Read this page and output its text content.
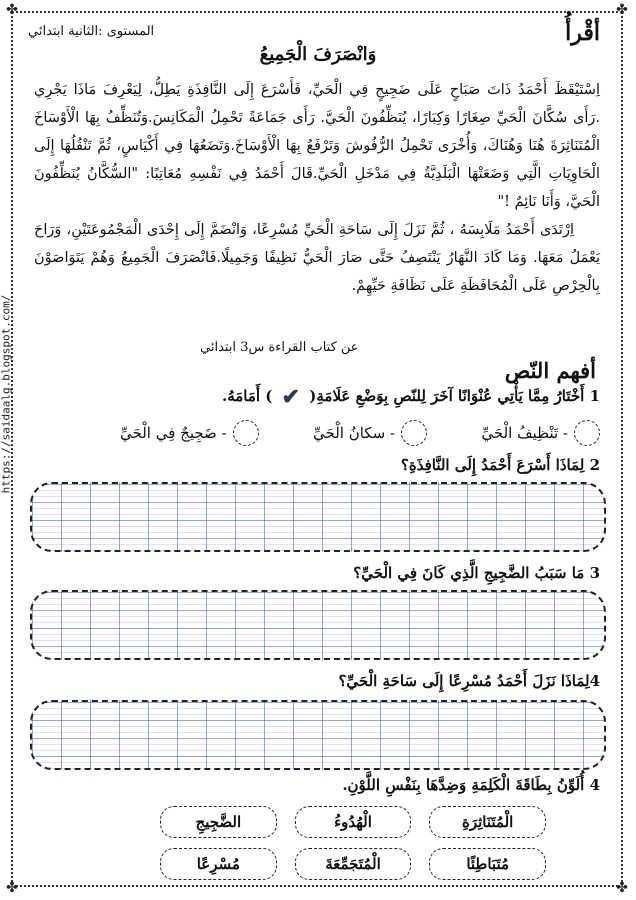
✤	✤
✤	✤
https://saidaalg.blogspot.com/
أقْرأُ
المستوى :الثانية ابتدائي
وَانْصَرَفَ الْجَمِيعُ

اِسْتَيْقَظَ أَحْمَدُ ذَاتَ صَبَاحٍ عَلَى ضَجِيجٍ فِي الْحَيِّ، فَأَسْرَعَ إِلَى النَّافِذَةِ يَطِلُّ، لِيَعْرِفَ مَاذَا يَجْرِي .رَأَى سُكَّانَ الْحَيِّ صِغَارًا وَكِبَارًا، يُنَظِّفُونَ الْحَيَّ. رَأَى جَمَاعَةً تَحْمِلُ الْمَكَانِسَ.وَتُنَظِّفُ بِهَا الْأَوْسَاخَ الْمُتَنَاثِرَةَ هُنَا وَهُنَاكَ، وَأُخْرَى تَحْمِلُ الرُّفُوشَ وَتَرْفَعُ بِهَا الْأَوْسَاخَ.وَتَضَعُهَا فِي أَكْيَاسٍ، ثُمَّ تَنْقُلُهَا إِلَى الْحَاوِيَاتِ الَّتِي وَضَعَتْهَا الْبَلَدِيَّةُ فِي مَدْخَلِ الْحَيِّ.قَالَ أَحْمَدُ فِي نَفْسِهِ مُعَاتِبًا: "السُّكَّانُ يُنَظِّفُونَ الْحَيَّ، وَأَنَا نَائِمٌ !"

اِرْتَدَى أَحْمَدُ مَلَابِسَهُ ، ثُمَّ نَزَلَ إِلَى سَاحَةِ الْحَيِّ مُسْرِعًا، وَانْضَمَّ إِلَى إِحْدَى الْمَجْمُوعَتَيْنِ، وَرَاحَ يَعْمَلُ مَعَهَا. وَمَا كَادَ النَّهَارُ يَنْتَصِفُ حَتَّى صَارَ الْحَيُّ نَظِيفًا وَجَمِيلًا.فَانْصَرَفَ الْجَمِيعُ وَهُمْ يَتَوَاصَوْنَ بِالْحِرْصِ عَلَى الْمُحَافَظَةِ عَلَى نَظَافَةِ حَيِّهِمْ.

عن كتاب القراءة س3 ابتدائي
أفهم النّص
1 أَخْتَارُ مِمَّا يَأْتِي عُنْوَانًا آخَرَ لِلنّصِ بِوَضْعِ عَلَامَةِ( ✔ ) أَمَامَهُ.
- ضَجِيجٌ فِي الْحَيِّ	- سكانُ الْحَيِّ	- تَنْظِيفُ الْحَيِّ
2 لِمَاذَا أَسْرَعَ أَحْمَدُ إِلَى النَّافِذَةِ؟
3 مَا سَبَبُ الضَّجِيجِ الَّذِي كَانَ فِي الْحَيِّ؟
4لِمَاذَا نَزَلَ أَحْمَدُ مُسْرِعًا إِلَى سَاحَةِ الْحَيِّ؟
4 أُلَوِّنُ بِطَاقَةَ الْكَلِمَةِ وَضِدَّهَا بِنَفْسِ اللَّوْنِ.
الْمُتَنَاثِرَةِ
الْهُدُوءُ
الضَّجِيجِ
مُتَبَاطِئًا
الْمُتَجَمِّعَةَ
مُسْرِعًا
